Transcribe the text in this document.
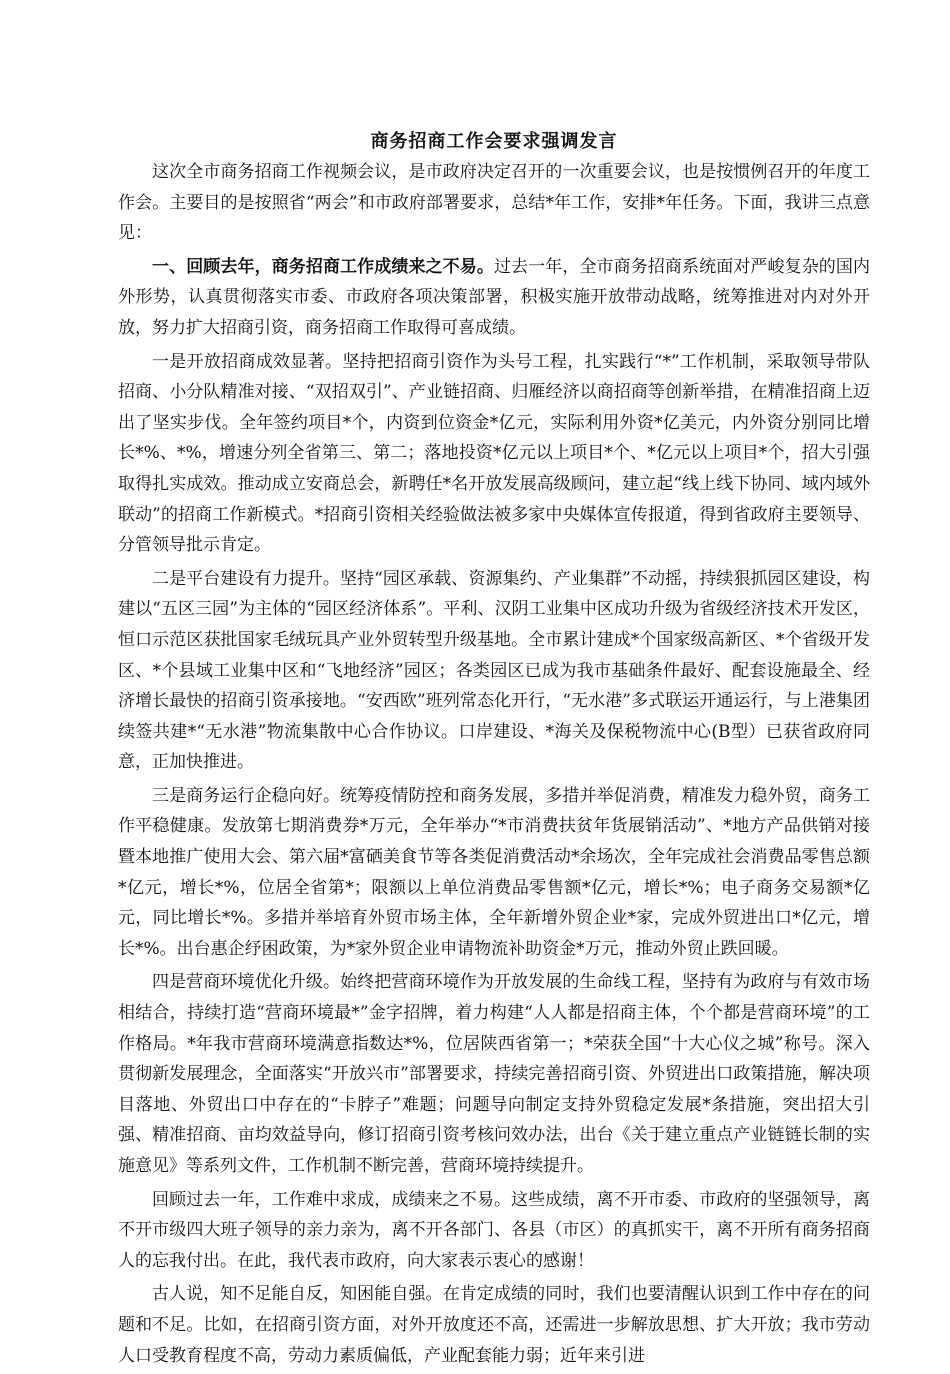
商务招商工作会要求强调发言

这次全市商务招商工作视频会议，是市政府决定召开的一次重要会议，也是按惯例召开的年度工作会。主要目的是按照省“两会”和市政府部署要求，总结*年工作，安排*年任务。下面，我讲三点意见：

一、回顾去年，商务招商工作成绩来之不易。过去一年，全市商务招商系统面对严峻复杂的国内外形势，认真贯彻落实市委、市政府各项决策部署，积极实施开放带动战略，统筹推进对内对外开放，努力扩大招商引资，商务招商工作取得可喜成绩。

一是开放招商成效显著。坚持把招商引资作为头号工程，扎实践行“*”工作机制，采取领导带队招商、小分队精准对接、“双招双引”、产业链招商、归雁经济以商招商等创新举措，在精准招商上迈出了坚实步伐。全年签约项目*个，内资到位资金*亿元，实际利用外资*亿美元，内外资分别同比增长*%、*%，增速分列全省第三、第二；落地投资*亿元以上项目*个、*亿元以上项目*个，招大引强取得扎实成效。推动成立安商总会，新聘任*名开放发展高级顾问，建立起“线上线下协同、域内域外联动”的招商工作新模式。*招商引资相关经验做法被多家中央媒体宣传报道，得到省政府主要领导、分管领导批示肯定。

二是平台建设有力提升。坚持“园区承载、资源集约、产业集群”不动摇，持续狠抓园区建设，构建以“五区三园”为主体的“园区经济体系”。平利、汉阴工业集中区成功升级为省级经济技术开发区，恒口示范区获批国家毛绒玩具产业外贸转型升级基地。全市累计建成*个国家级高新区、*个省级开发区、*个县域工业集中区和“飞地经济”园区；各类园区已成为我市基础条件最好、配套设施最全、经济增长最快的招商引资承接地。“安西欧”班列常态化开行，“无水港”多式联运开通运行，与上港集团续签共建*“无水港”物流集散中心合作协议。口岸建设、*海关及保税物流中心(B型）已获省政府同意，正加快推进。

三是商务运行企稳向好。统筹疫情防控和商务发展，多措并举促消费，精准发力稳外贸，商务工作平稳健康。发放第七期消费券*万元，全年举办“*市消费扶贫年货展销活动”、*地方产品供销对接暨本地推广使用大会、第六届*富硒美食节等各类促消费活动*余场次，全年完成社会消费品零售总额*亿元，增长*%，位居全省第*；限额以上单位消费品零售额*亿元，增长*%；电子商务交易额*亿元，同比增长*%。多措并举培育外贸市场主体，全年新增外贸企业*家，完成外贸进出口*亿元，增长*%。出台惠企纾困政策，为*家外贸企业申请物流补助资金*万元，推动外贸止跌回暖。

四是营商环境优化升级。始终把营商环境作为开放发展的生命线工程，坚持有为政府与有效市场相结合，持续打造“营商环境最*”金字招牌，着力构建“人人都是招商主体，个个都是营商环境”的工作格局。*年我市营商环境满意指数达*%，位居陕西省第一；*荣获全国“十大心仪之城”称号。深入贯彻新发展理念，全面落实“开放兴市”部署要求，持续完善招商引资、外贸进出口政策措施，解决项目落地、外贸出口中存在的“卡脖子”难题；问题导向制定支持外贸稳定发展*条措施，突出招大引强、精准招商、亩均效益导向，修订招商引资考核问效办法，出台《关于建立重点产业链链长制的实施意见》等系列文件，工作机制不断完善，营商环境持续提升。

回顾过去一年，工作难中求成，成绩来之不易。这些成绩，离不开市委、市政府的坚强领导，离不开市级四大班子领导的亲力亲为，离不开各部门、各县（市区）的真抓实干，离不开所有商务招商人的忘我付出。在此，我代表市政府，向大家表示衷心的感谢！

古人说，知不足能自反，知困能自强。在肯定成绩的同时，我们也要清醒认识到工作中存在的问题和不足。比如，在招商引资方面，对外开放度还不高，还需进一步解放思想、扩大开放；我市劳动人口受教育程度不高，劳动力素质偏低，产业配套能力弱；近年来引进
